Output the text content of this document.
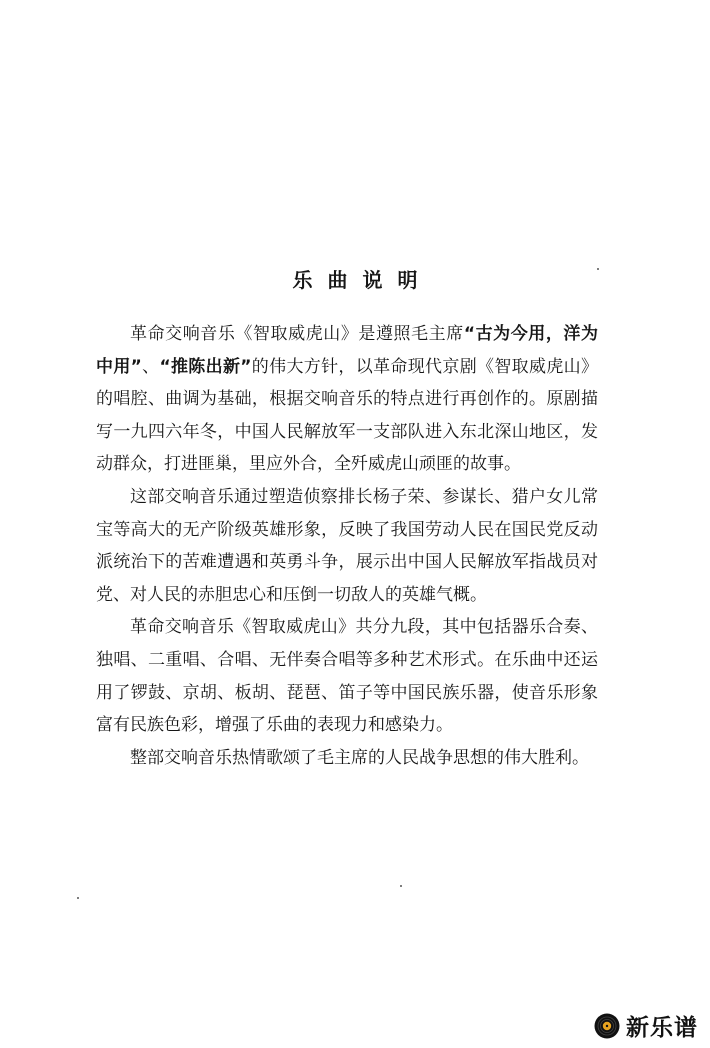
乐曲说明

革命交响音乐《智取威虎山》是遵照毛主席“古为今用，洋为中用”、“推陈出新”的伟大方针，以革命现代京剧《智取威虎山》的唱腔、曲调为基础，根据交响音乐的特点进行再创作的。原剧描写一九四六年冬，中国人民解放军一支部队进入东北深山地区，发动群众，打进匪巢，里应外合，全歼威虎山顽匪的故事。

这部交响音乐通过塑造侦察排长杨子荣、参谋长、猎户女儿常宝等高大的无产阶级英雄形象，反映了我国劳动人民在国民党反动派统治下的苦难遭遇和英勇斗争，展示出中国人民解放军指战员对党、对人民的赤胆忠心和压倒一切敌人的英雄气概。

革命交响音乐《智取威虎山》共分九段，其中包括器乐合奏、独唱、二重唱、合唱、无伴奏合唱等多种艺术形式。在乐曲中还运用了锣鼓、京胡、板胡、琵琶、笛子等中国民族乐器，使音乐形象富有民族色彩，增强了乐曲的表现力和感染力。

整部交响音乐热情歌颂了毛主席的人民战争思想的伟大胜利。

新乐谱
